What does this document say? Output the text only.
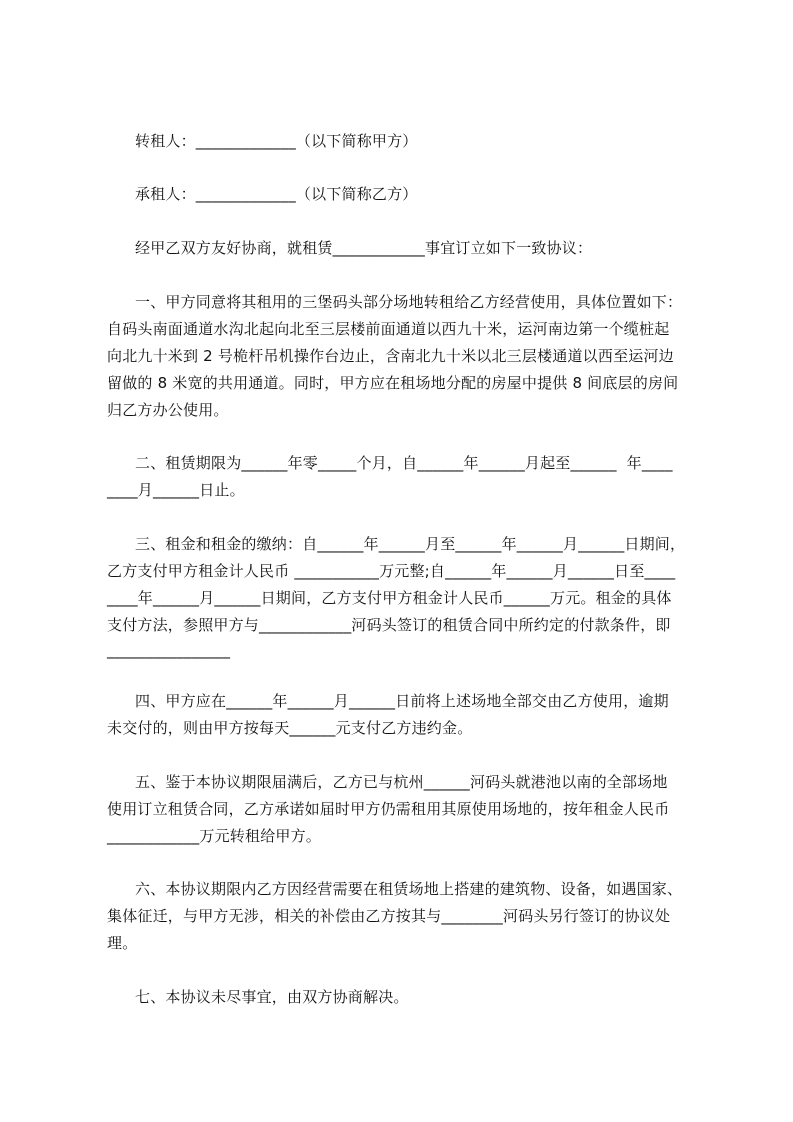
转租人：_____________（以下简称甲方）

承租人：_____________（以下简称乙方）

经甲乙双方友好协商，就租赁____________事宜订立如下一致协议：

一、甲方同意将其租用的三堡码头部分场地转租给乙方经营使用，具体位置如下：

自码头南面通道水沟北起向北至三层楼前面通道以西九十米，运河南边第一个缆桩起

向北九十米到 2 号桅杆吊机操作台边止，含南北九十米以北三层楼通道以西至运河边

留做的 8 米宽的共用通道。同时，甲方应在租场地分配的房屋中提供 8 间底层的房间

归乙方办公使用。

二、租赁期限为______年零_____个月，自______年______月起至______  年____

____月______日止。

三、租金和租金的缴纳：自______年______月至______年______月______日期间，

乙方支付甲方租金计人民币 ___________万元整;自______年______月______日至____

____年______月______日期间，乙方支付甲方租金计人民币______万元。租金的具体

支付方法，参照甲方与____________河码头签订的租赁合同中所约定的付款条件，即

________________

四、甲方应在______年______月______日前将上述场地全部交由乙方使用，逾期

未交付的，则由甲方按每天______元支付乙方违约金。

五、鉴于本协议期限届满后，乙方已与杭州______河码头就港池以南的全部场地

使用订立租赁合同，乙方承诺如届时甲方仍需租用其原使用场地的，按年租金人民币

____________万元转租给甲方。

六、本协议期限内乙方因经营需要在租赁场地上搭建的建筑物、设备，如遇国家、

集体征迁，与甲方无涉，相关的补偿由乙方按其与________河码头另行签订的协议处

理。

七、本协议未尽事宜，由双方协商解决。
